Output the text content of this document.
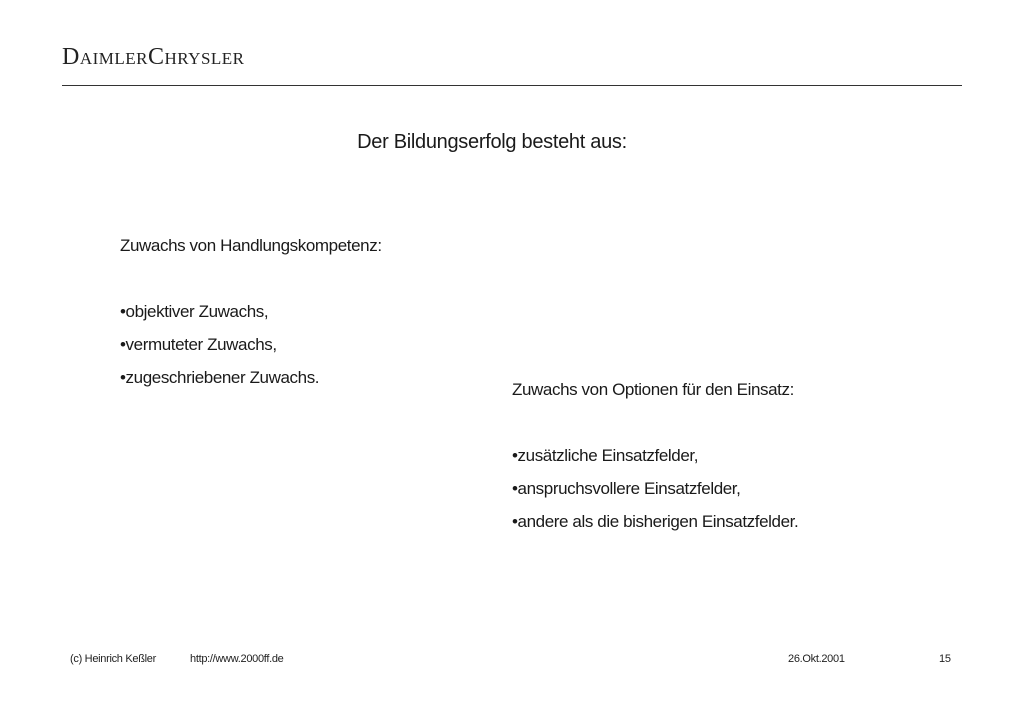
DaimlerChrysler
Der Bildungserfolg besteht aus:
Zuwachs von Handlungskompetenz:
•objektiver Zuwachs,
•vermuteter Zuwachs,
•zugeschriebener Zuwachs.
Zuwachs von Optionen für den Einsatz:
•zusätzliche Einsatzfelder,
•anspruchsvollere Einsatzfelder,
•andere als die bisherigen Einsatzfelder.
(c) Heinrich Keßler	http://www.2000ff.de	26.Okt.2001	15
